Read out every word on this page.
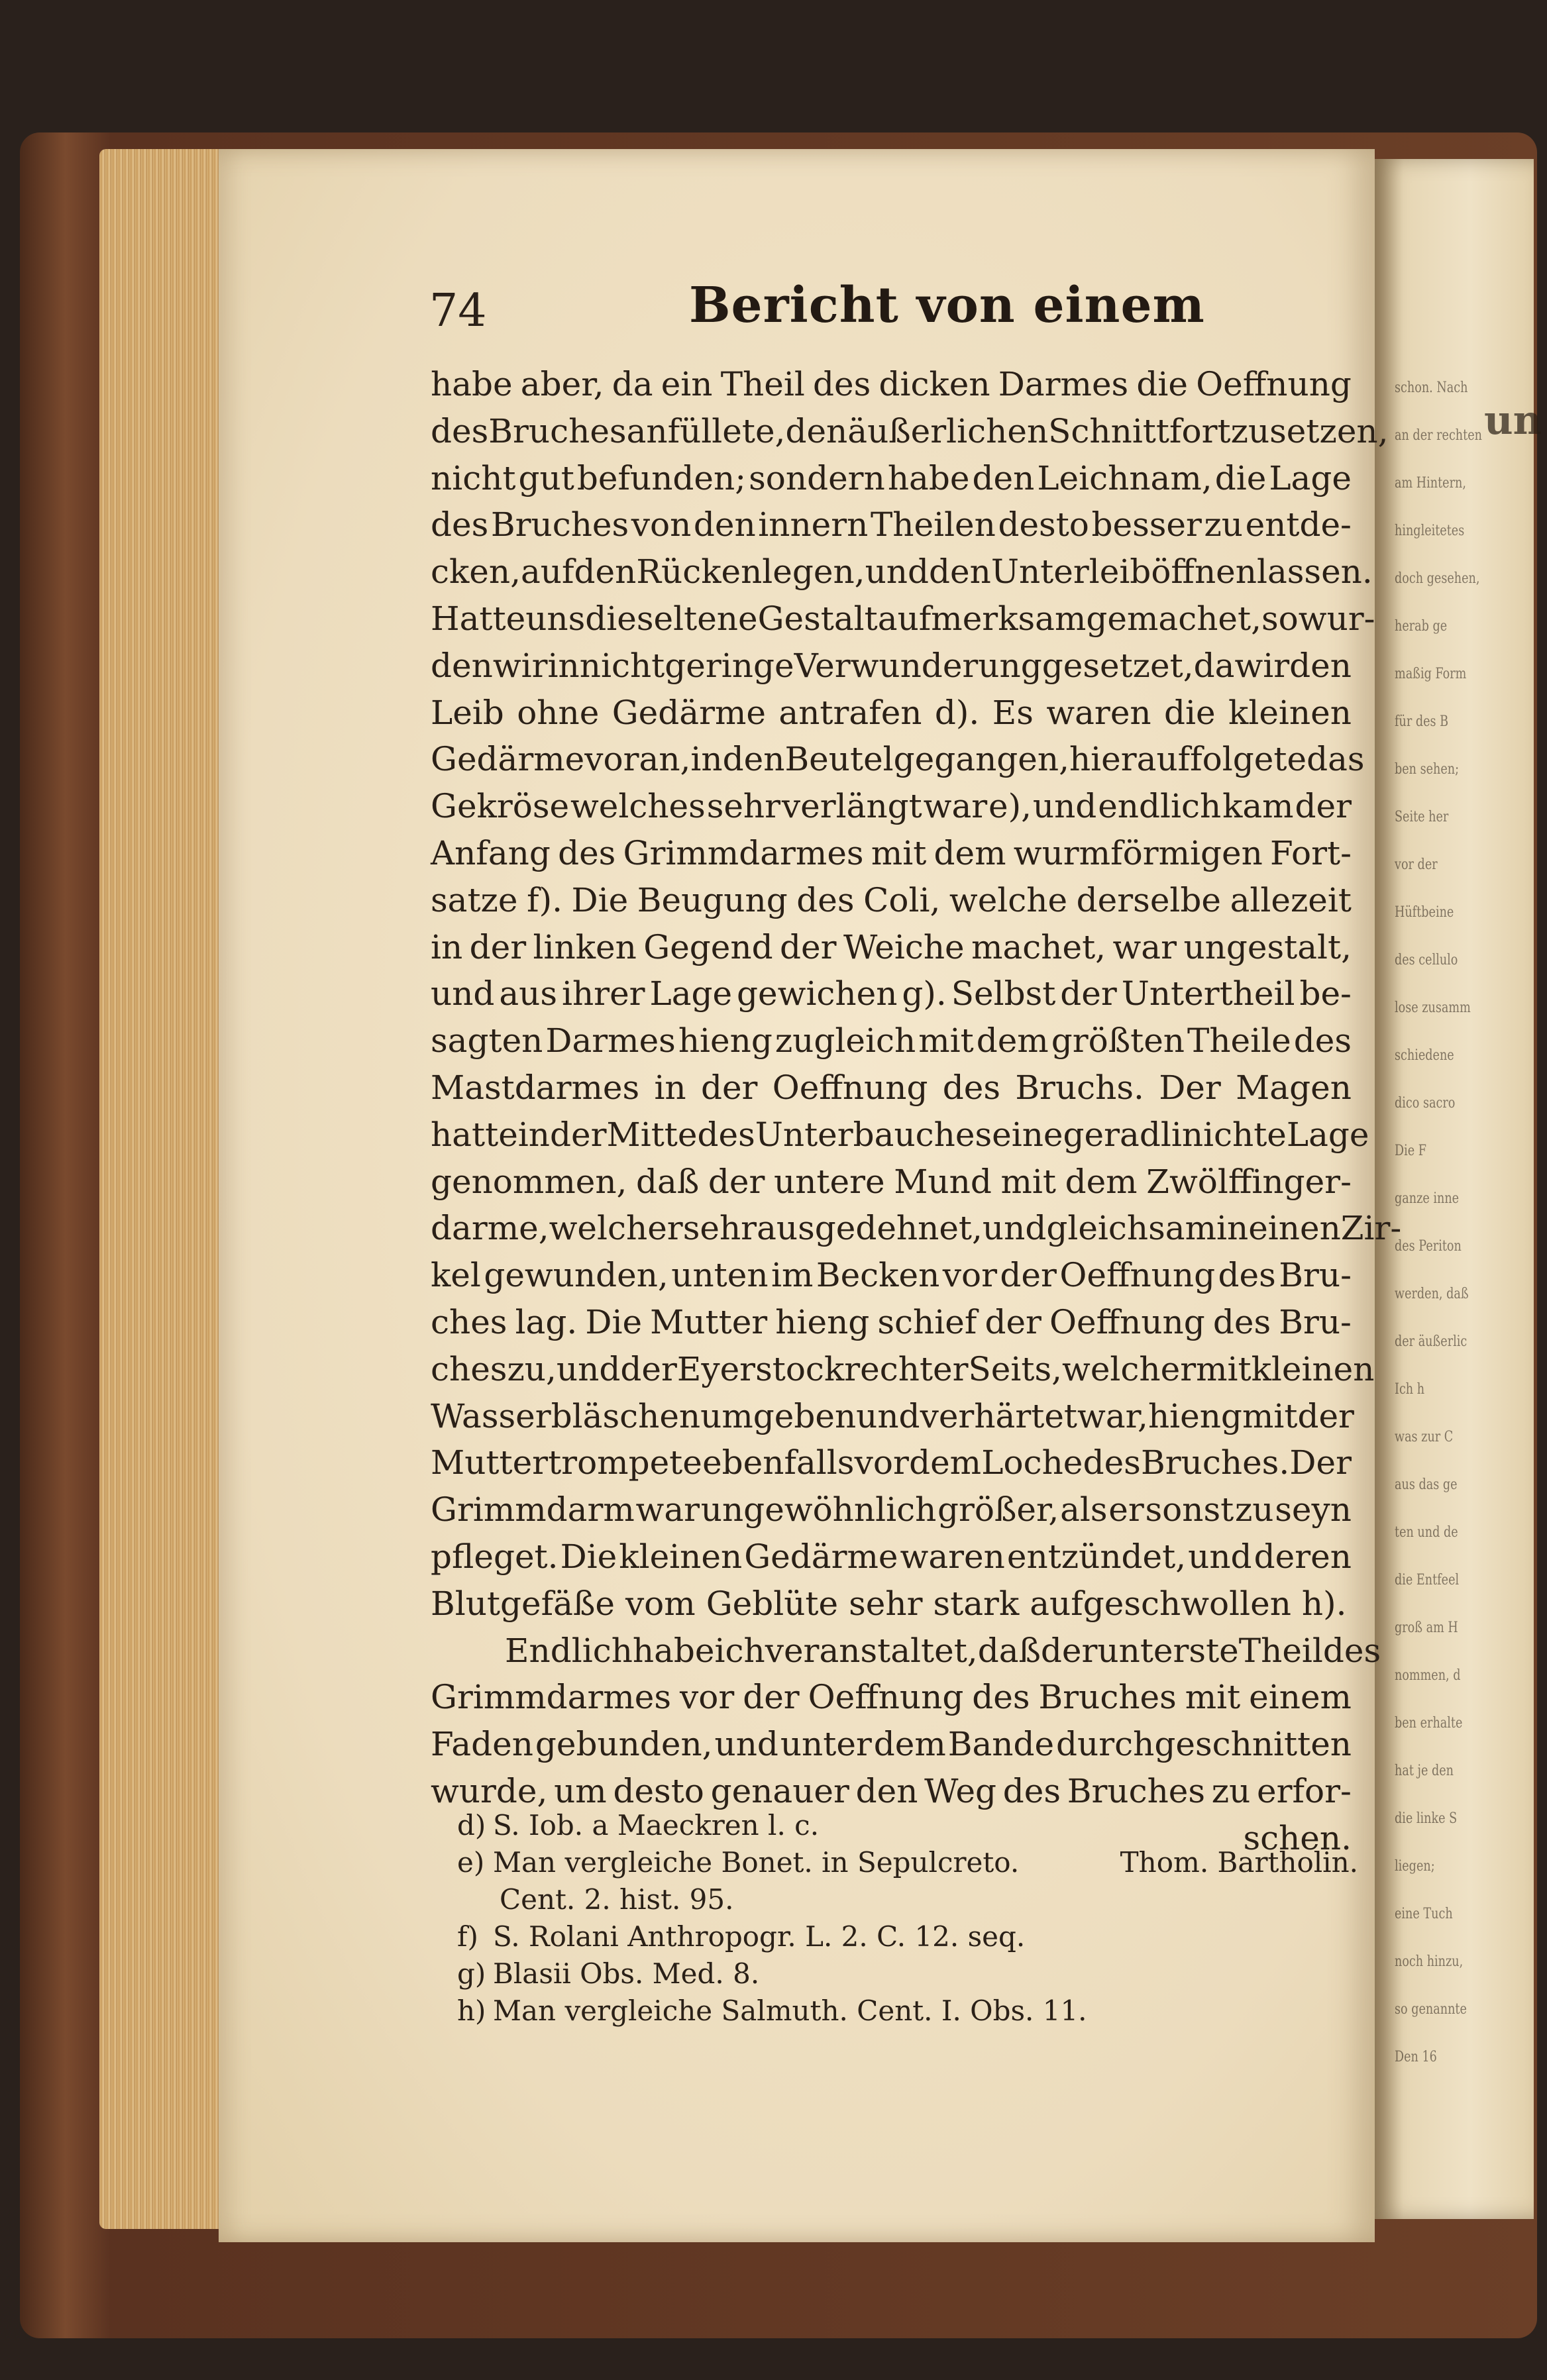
un
schon. Nach
an der rechten
am Hintern,
hingleitetes
doch gesehen,
herab ge
maßig Form
für des B
ben sehen;
Seite her
vor der
Hüftbeine
des cellulo
lose zusamm
schiedene
dico sacro
Die F
ganze inne
des Periton
werden, daß
der äußerlic
Ich h
was zur C
aus das ge
ten und de
die Entfeel
groß am H
nommen, d
ben erhalte
hat je den
die linke S
liegen;
eine Tuch
noch hinzu,
so genannte
Den 16
74	Bericht von einem
habe aber, da ein Theil des dicken Darmes die Oeffnung
des Bruches anfüllete, den äußerlichen Schnitt fortzusetzen,
nicht gut befunden; sondern habe den Leichnam, die Lage
des Bruches von den innern Theilen desto besser zu entde-
cken, auf den Rücken legen, und den Unterleib öffnen lassen.
Hatte uns die seltene Gestalt aufmerksam gemachet, so wur-
den wir in nicht geringe Verwunderung gesetzet, da wir den
Leib ohne Gedärme antrafen d). Es waren die kleinen
Gedärme voran, in den Beutel gegangen, hierauf folgete das
Gekröse welches sehr verlängt war e), und endlich kam der
Anfang des Grimmdarmes mit dem wurmförmigen Fort-
satze f). Die Beugung des Coli, welche derselbe allezeit
in der linken Gegend der Weiche machet, war ungestalt,
und aus ihrer Lage gewichen g). Selbst der Untertheil be-
sagten Darmes hieng zugleich mit dem größten Theile des
Mastdarmes in der Oeffnung des Bruchs. Der Magen
hatte in der Mitte des Unterbauches eine geradlinichte Lage
genommen, daß der untere Mund mit dem Zwölffinger-
darme, welcher sehr ausgedehnet, und gleichsam in einen Zir-
kel gewunden, unten im Becken vor der Oeffnung des Bru-
ches lag. Die Mutter hieng schief der Oeffnung des Bru-
ches zu, und der Eyerstock rechter Seits, welcher mit kleinen
Wasserbläschen umgeben und verhärtet war, hieng mit der
Muttertrompete ebenfalls vor dem Loche des Bruches. Der
Grimmdarm war ungewöhnlich größer, als er sonst zu seyn
pfleget. Die kleinen Gedärme waren entzündet, und deren
Blutgefäße vom Geblüte sehr stark aufgeschwollen h).
Endlich habe ich veranstaltet, daß der unterste Theil des
Grimmdarmes vor der Oeffnung des Bruches mit einem
Faden gebunden, und unter dem Bande durchgeschnitten
wurde, um desto genauer den Weg des Bruches zu erfor-
schen.
d) S. Iob. a Maeckren l. c.
e) Man vergleiche Bonet. in Sepulcreto.	Thom. Bartholin.
Cent. 2. hist. 95.
f) S. Rolani Anthropogr. L. 2. C. 12. seq.
g) Blasii Obs. Med. 8.
h) Man vergleiche Salmuth. Cent. I. Obs. 11.
